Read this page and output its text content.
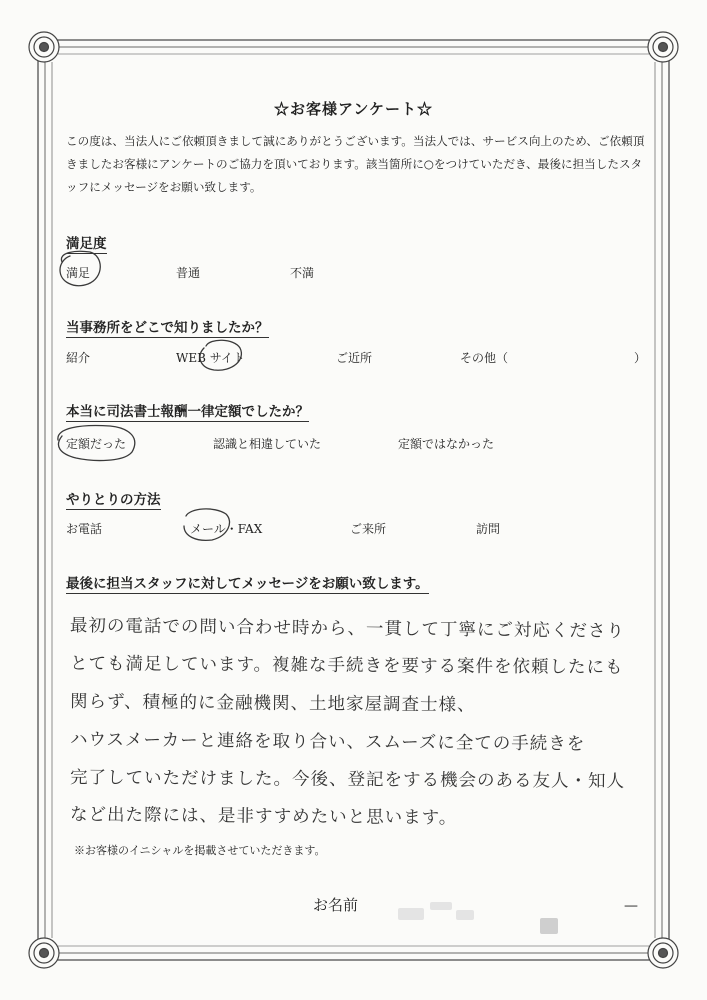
☆お客様アンケート☆
この度は、当法人にご依頼頂きまして誠にありがとうございます。当法人では、サービス向上のため、ご依頼頂きましたお客様にアンケートのご協力を頂いております。該当箇所に○をつけていただき、最後に担当したスタッフにメッセージをお願い致します。
満足度
満足	普通	不満
当事務所をどこで知りましたか？
紹介	WEB サイト	ご近所	その他（	）
本当に司法書士報酬一律定額でしたか？
定額だった	認識と相違していた	定額ではなかった
やりとりの方法
お電話	メール・FAX	ご来所	訪問
最後に担当スタッフに対してメッセージをお願い致します。
最初の電話での問い合わせ時から、一貫して丁寧にご対応くださり
とても満足しています。複雑な手続きを要する案件を依頼したにも
関らず、積極的に金融機関、土地家屋調査士様、
ハウスメーカーと連絡を取り合い、スムーズに全ての手続きを
完了していただけました。今後、登記をする機会のある友人・知人
など出た際には、是非すすめたいと思います。
※お客様のイニシャルを掲載させていただきます。
お名前	—
